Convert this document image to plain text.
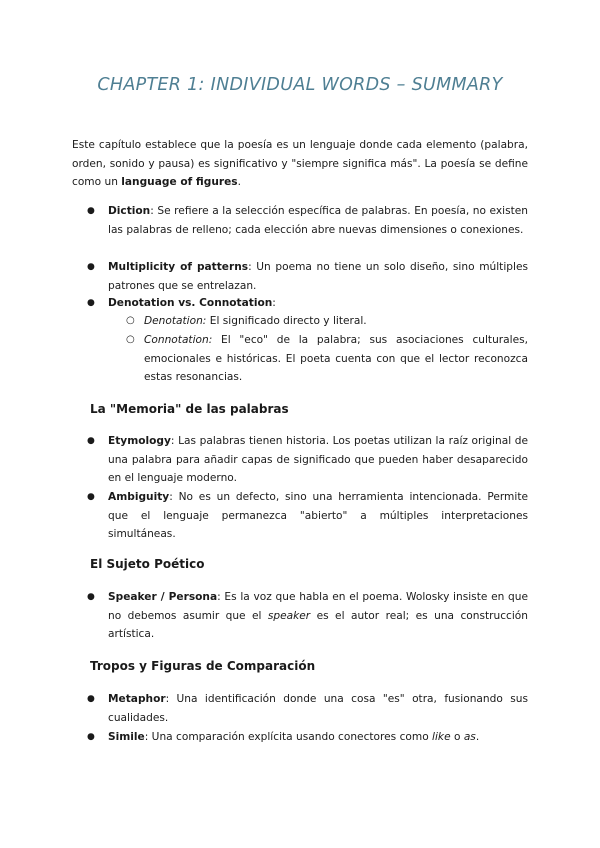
CHAPTER 1: INDIVIDUAL WORDS – SUMMARY
Este capítulo establece que la poesía es un lenguaje donde cada elemento (palabra, orden, sonido y pausa) es significativo y "siempre significa más". La poesía se define como un language of figures.
● Diction: Se refiere a la selección específica de palabras. En poesía, no existen las palabras de relleno; cada elección abre nuevas dimensiones o conexiones.
● Multiplicity of patterns: Un poema no tiene un solo diseño, sino múltiples patrones que se entrelazan.
● Denotation vs. Connotation:
○ Denotation: El significado directo y literal.
○ Connotation: El "eco" de la palabra; sus asociaciones culturales, emocionales e históricas. El poeta cuenta con que el lector reconozca estas resonancias.
La "Memoria" de las palabras
● Etymology: Las palabras tienen historia. Los poetas utilizan la raíz original de una palabra para añadir capas de significado que pueden haber desaparecido en el lenguaje moderno.
● Ambiguity: No es un defecto, sino una herramienta intencionada. Permite que el lenguaje permanezca "abierto" a múltiples interpretaciones simultáneas.
El Sujeto Poético
● Speaker / Persona: Es la voz que habla en el poema. Wolosky insiste en que no debemos asumir que el speaker es el autor real; es una construcción artística.
Tropos y Figuras de Comparación
● Metaphor: Una identificación donde una cosa "es" otra, fusionando sus cualidades.
● Simile: Una comparación explícita usando conectores como like o as.
